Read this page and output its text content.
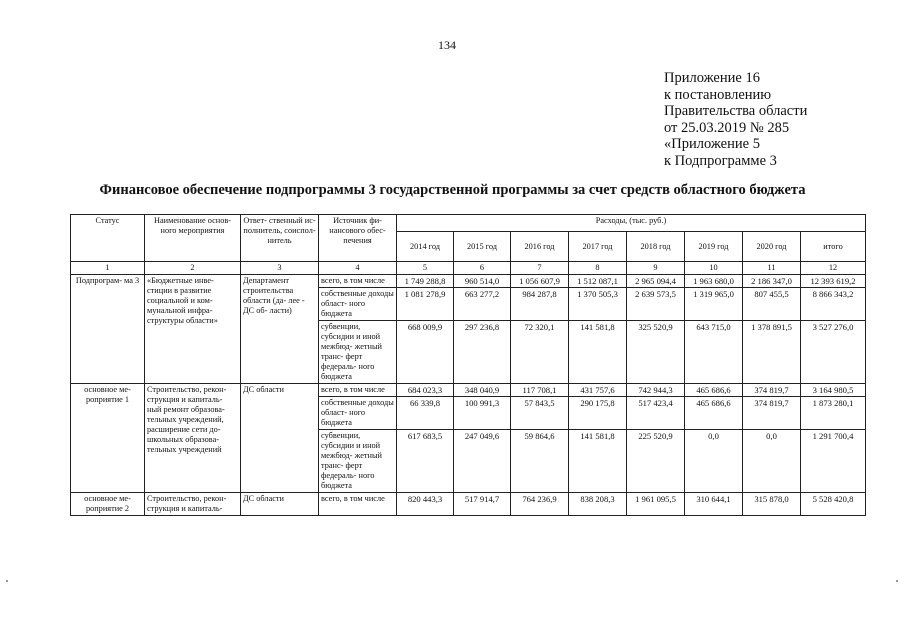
134
Приложение 16
к постановлению
Правительства области
от 25.03.2019 № 285
«Приложение 5
к Подпрограмме 3
Финансовое обеспечение подпрограммы 3 государственной программы за счет средств областного бюджета
Статус	Наименование основ- ного мероприятия	Ответ- ственный ис- полнитель, соиспол- нитель	Источник фи- нансового обес- печения	Расходы, (тыс. руб.)							
				2014 год	2015 год	2016 год	2017 год	2018 год	2019 год	2020 год	итого
1	2	3	4	5	6	7	8	9	10	11	12
Подпрограм- ма 3	«Бюджетные инве- стиции в развитие социальной и ком- мунальной инфра- структуры области»	Департамент строительства области (да- лее - ДС об- ласти)	всего, в том числе	1 749 288,8	960 514,0	1 056 607,9	1 512 087,1	2 965 094,4	1 963 680,0	2 186 347,0	12 393 619,2
			собственные доходы област- ного бюджета	1 081 278,9	663 277,2	984 287,8	1 370 505,3	2 639 573,5	1 319 965,0	807 455,5	8 866 343,2
			субвенции, субсидии и иной межбюд- жетный транс- ферт федераль- ного бюджета	668 009,9	297 236,8	72 320,1	141 581,8	325 520,9	643 715,0	1 378 891,5	3 527 276,0
основное ме- роприятие 1	Строительство, рекон- струкция и капиталь- ный ремонт образова- тельных учреждений, расширение сети до- школьных образова- тельных учреждений	ДС области	всего, в том числе	684 023,3	348 040,9	117 708,1	431 757,6	742 944,3	465 686,6	374 819,7	3 164 980,5
			собственные доходы област- ного бюджета	66 339,8	100 991,3	57 843,5	290 175,8	517 423,4	465 686,6	374 819,7	1 873 280,1
			субвенции, субсидии и иной межбюд- жетный транс- ферт федераль- ного бюджета	617 683,5	247 049,6	59 864,6	141 581,8	225 520,9	0,0	0,0	1 291 700,4
основное ме- роприятие 2	Строительство, рекон- струкция и капиталь-	ДС области	всего, в том числе	820 443,3	517 914,7	764 236,9	838 208,3	1 961 095,5	310 644,1	315 878,0	5 528 420,8
